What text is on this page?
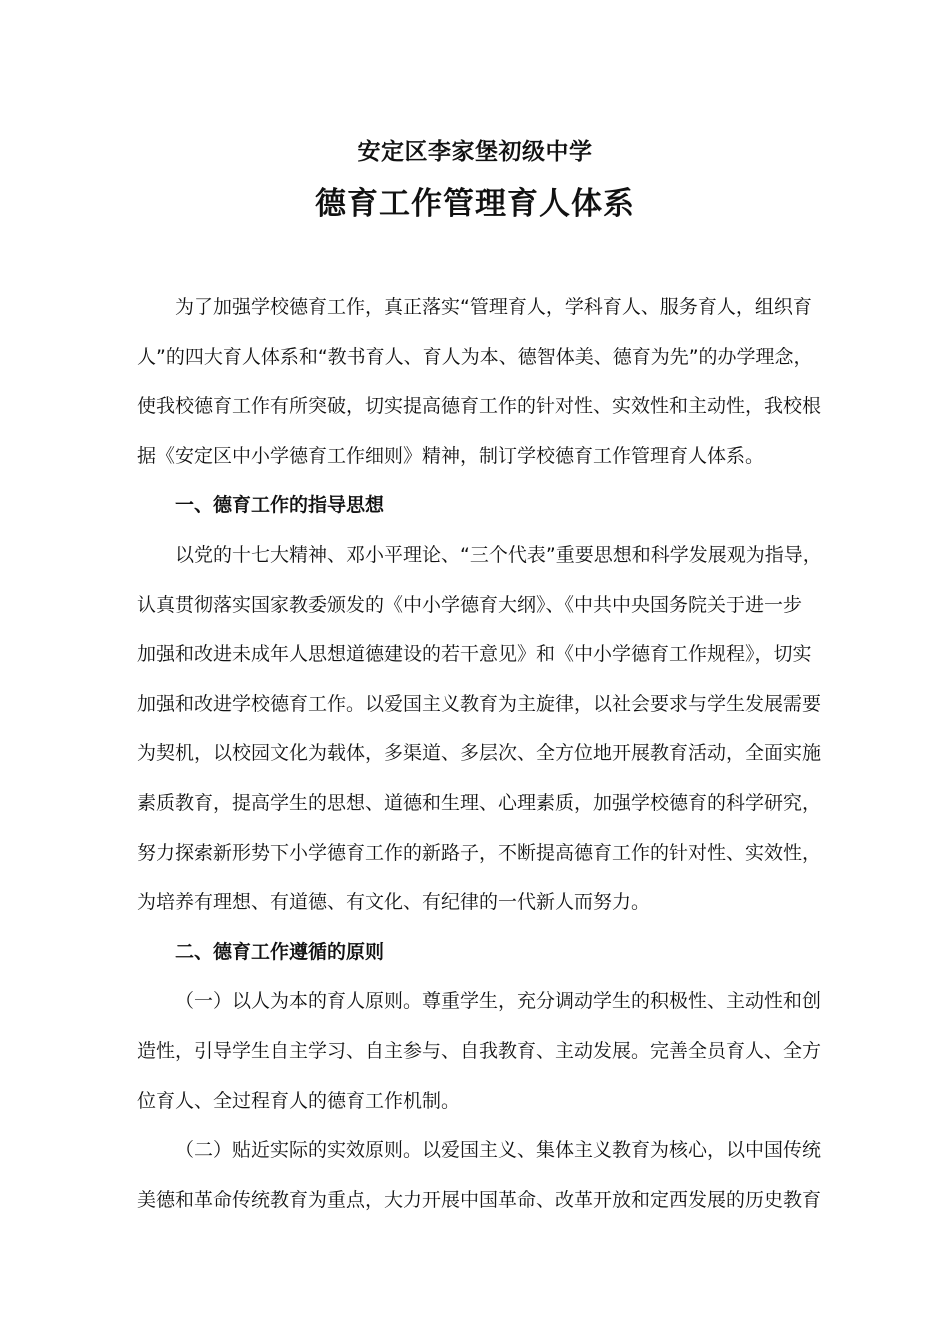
安定区李家堡初级中学
德育工作管理育人体系

为了加强学校德育工作，真正落实“管理育人，学科育人、服务育人，组织育
人”的四大育人体系和“教书育人、育人为本、德智体美、德育为先”的办学理念，
使我校德育工作有所突破，切实提高德育工作的针对性、实效性和主动性，我校根
据《安定区中小学德育工作细则》精神，制订学校德育工作管理育人体系。

一、德育工作的指导思想

以党的十七大精神、邓小平理论、“三个代表”重要思想和科学发展观为指导，
认真贯彻落实国家教委颁发的《中小学德育大纲》、《中共中央国务院关于进一步
加强和改进未成年人思想道德建设的若干意见》和《中小学德育工作规程》，切实
加强和改进学校德育工作。以爱国主义教育为主旋律，以社会要求与学生发展需要
为契机，以校园文化为载体，多渠道、多层次、全方位地开展教育活动，全面实施
素质教育，提高学生的思想、道德和生理、心理素质，加强学校德育的科学研究，
努力探索新形势下小学德育工作的新路子，不断提高德育工作的针对性、实效性，
为培养有理想、有道德、有文化、有纪律的一代新人而努力。

二、德育工作遵循的原则

（一）以人为本的育人原则。尊重学生，充分调动学生的积极性、主动性和创
造性，引导学生自主学习、自主参与、自我教育、主动发展。完善全员育人、全方
位育人、全过程育人的德育工作机制。

（二）贴近实际的实效原则。以爱国主义、集体主义教育为核心，以中国传统
美德和革命传统教育为重点，大力开展中国革命、改革开放和定西发展的历史教育
